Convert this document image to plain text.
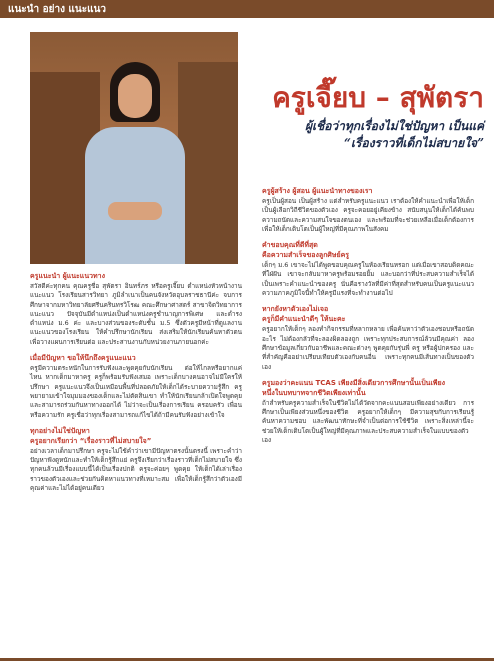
แนะนำ อย่าง แนะแนว
ครูเจี๊ยบ – สุพัตรา
ผู้เชื่อว่าทุกเรื่องไม่ใช่ปัญหา เป็นแค่
“เรื่องราวที่เด็กไม่สบายใจ”
ครูแนะนำ ผู้แนะแนวทาง
สวัสดีค่ะทุกคน คุณครูชื่อ สุพัตรา อินทร์ภร หรือครูเจี๊ยบ ตำแหน่งหัวหน้างานแนะแนว โรงเรียนสารวิทยา ภูมิลำเนาเป็นคนจังหวัดอุบลราชธานีค่ะ จบการศึกษาจากมหาวิทยาลัยศรีนครินทรวิโรฒ คณะศึกษาศาสตร์ สาขาจิตวิทยาการแนะแนว ปัจจุบันมีตำแหน่งเป็นตำแหน่งครูชำนาญการพิเศษ และดำรงตำแหน่ง ม.6 ค่ะ และบางส่วนของระดับชั้น ม.5 ซึ่งตัวครูมีหน้าที่ดูแลงานแนะแนวของโรงเรียน ให้คำปรึกษานักเรียน ส่งเสริมให้นักเรียนค้นหาตัวตนเพื่อวางแผนการเรียนต่อ และประสานงานกับหน่วยงานภายนอกค่ะ
เมื่อมีปัญหา ขอให้นึกถึงครูแนะแนว
ครูมีความตระหนักในการรับฟังและพูดคุยกับนักเรียน ต่อให้ไกลหรือยากแค่ไหน หากเด็กมาหาครู ครูก็พร้อมรับฟังเสมอ เพราะเด็กบางคนอาจไม่มีใครให้ปรึกษา ครูแนะแนวจึงเป็นเหมือนพื้นที่ปลอดภัยให้เด็กได้ระบายความรู้สึก ครูพยายามเข้าใจมุมมองของเด็กและไม่ตัดสินเขา ทำให้นักเรียนกล้าเปิดใจพูดคุย และสามารถร่วมกันหาทางออกได้ ไม่ว่าจะเป็นเรื่องการเรียน ครอบครัว เพื่อน หรือความรัก ครูเชื่อว่าทุกเรื่องสามารถแก้ไขได้ถ้ามีคนรับฟังอย่างเข้าใจ
ทุกอย่างไม่ใช่ปัญหา
ครูอยากเรียกว่า “เรื่องราวที่ไม่สบายใจ”
อย่างเวลาเด็กมาปรึกษา ครูจะไม่ใช้คำว่าเขามีปัญหาตรงนั้นตรงนี้ เพราะคำว่าปัญหาฟังดูหนักและทำให้เด็กรู้สึกแย่ ครูจึงเรียกว่าเรื่องราวที่เด็กไม่สบายใจ ซึ่งทุกคนล้วนมีเรื่องแบบนี้ได้เป็นเรื่องปกติ ครูจะค่อยๆ พูดคุย ให้เด็กได้เล่าเรื่องราวของตัวเองและช่วยกันคิดหาแนวทางที่เหมาะสม เพื่อให้เด็กรู้สึกว่าตัวเองมีคุณค่าและไม่ได้อยู่คนเดียว
ครูผู้สร้าง ผู้สอน ผู้แนะนำทางของเรา
ครูเป็นผู้สอน เป็นผู้สร้าง แต่สำหรับครูแนะแนว เราต้องให้คำแนะนำเพื่อให้เด็กเป็นผู้เลือกวิถีชีวิตของตัวเอง ครูจะคอยอยู่เคียงข้าง สนับสนุนให้เด็กได้ค้นพบความถนัดและความสนใจของตนเอง และพร้อมที่จะช่วยเหลือเมื่อเด็กต้องการ เพื่อให้เด็กเติบโตเป็นผู้ใหญ่ที่มีคุณภาพในสังคม
คำขอบคุณที่ดีที่สุด
คือความสำเร็จของลูกศิษย์ครู
เด็กๆ ม.6 เขาจะไม่ได้พูดขอบคุณครูในห้องเรียนหรอก แต่เมื่อเขาสอบติดคณะที่ใฝ่ฝัน เขาจะกลับมาหาครูพร้อมรอยยิ้ม และบอกว่าที่ประสบความสำเร็จได้เป็นเพราะคำแนะนำของครู นั่นคือรางวัลที่มีค่าที่สุดสำหรับคนเป็นครูแนะแนว ความภาคภูมิใจนี้ทำให้ครูมีแรงที่จะทำงานต่อไป
หากยังหาตัวเองไม่เจอ
ครูก็มีคำแนะนำดีๆ ให้นะคะ
ครูอยากให้เด็กๆ ลองทำกิจกรรมที่หลากหลาย เพื่อค้นหาว่าตัวเองชอบหรือถนัดอะไร ไม่ต้องกลัวที่จะลองผิดลองถูก เพราะทุกประสบการณ์ล้วนมีคุณค่า ลองศึกษาข้อมูลเกี่ยวกับอาชีพและคณะต่างๆ พูดคุยกับรุ่นพี่ ครู หรือผู้ปกครอง และที่สำคัญคืออย่าเปรียบเทียบตัวเองกับคนอื่น เพราะทุกคนมีเส้นทางเป็นของตัวเอง
ครูมองว่าคะแนน TCAS เพียงมีสิ่งเดียวการศึกษานั้นเป็นเพียง
หนึ่งในบทบาทจากชีวิตเพียงเท่านั้น
ถ้าสำหรับครูความสำเร็จในชีวิตไม่ได้วัดจากคะแนนสอบเพียงอย่างเดียว การศึกษาเป็นเพียงส่วนหนึ่งของชีวิต ครูอยากให้เด็กๆ มีความสุขกับการเรียนรู้ ค้นหาความชอบ และพัฒนาทักษะที่จำเป็นต่อการใช้ชีวิต เพราะสิ่งเหล่านี้จะช่วยให้เด็กเติบโตเป็นผู้ใหญ่ที่มีคุณภาพและประสบความสำเร็จในแบบของตัวเอง
